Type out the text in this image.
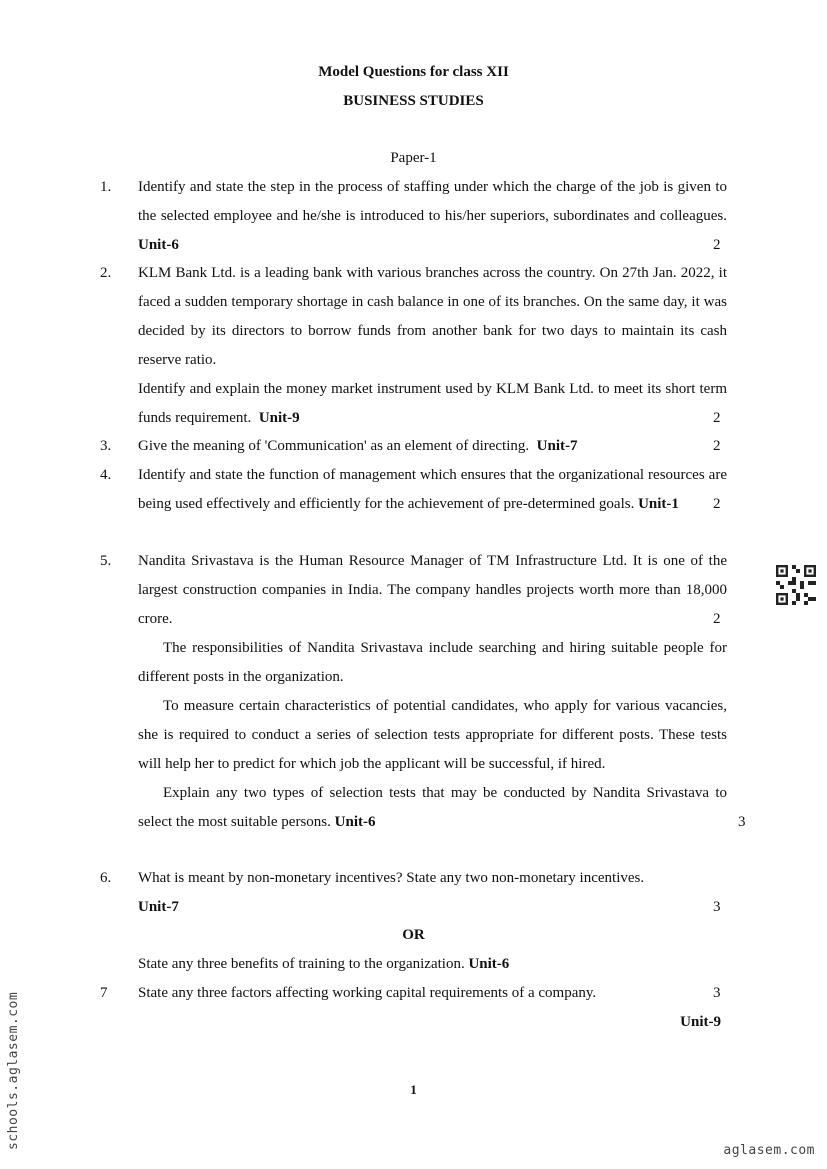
Model Questions for class XII
BUSINESS STUDIES
Paper-1
1.	Identify and state the step in the process of staffing under which the charge of the job is given to the selected employee and he/she is introduced to his/her superiors, subordinates and colleagues. Unit-6	2

2.	KLM Bank Ltd. is a leading bank with various branches across the country. On 27th Jan. 2022, it faced a sudden temporary shortage in cash balance in one of its branches. On the same day, it was decided by its directors to borrow funds from another bank for two days to maintain its cash reserve ratio.

Identify and explain the money market instrument used by KLM Bank Ltd. to meet its short term funds requirement. Unit-9	2

3.	Give the meaning of 'Communication' as an element of directing. Unit-7	2

4.	Identify and state the function of management which ensures that the organizational resources are being used effectively and efficiently for the achievement of pre-determined goals. Unit-1 2

5.	Nandita Srivastava is the Human Resource Manager of TM Infrastructure Ltd. It is one of the largest construction companies in India. The company handles projects worth more than 18,000 crore.	2

The responsibilities of Nandita Srivastava include searching and hiring suitable people for different posts in the organization.

To measure certain characteristics of potential candidates, who apply for various vacancies, she is required to conduct a series of selection tests appropriate for different posts. These tests will help her to predict for which job the applicant will be successful, if hired.

Explain any two types of selection tests that may be conducted by Nandita Srivastava to select the most suitable persons. Unit-6	3

6.	What is meant by non-monetary incentives? State any two non-monetary incentives.

Unit-7	3

OR

State any three benefits of training to the organization. Unit-6

7	State any three factors affecting working capital requirements of a company.	3

Unit-9

1
schools.aglasem.com
aglasem.com
